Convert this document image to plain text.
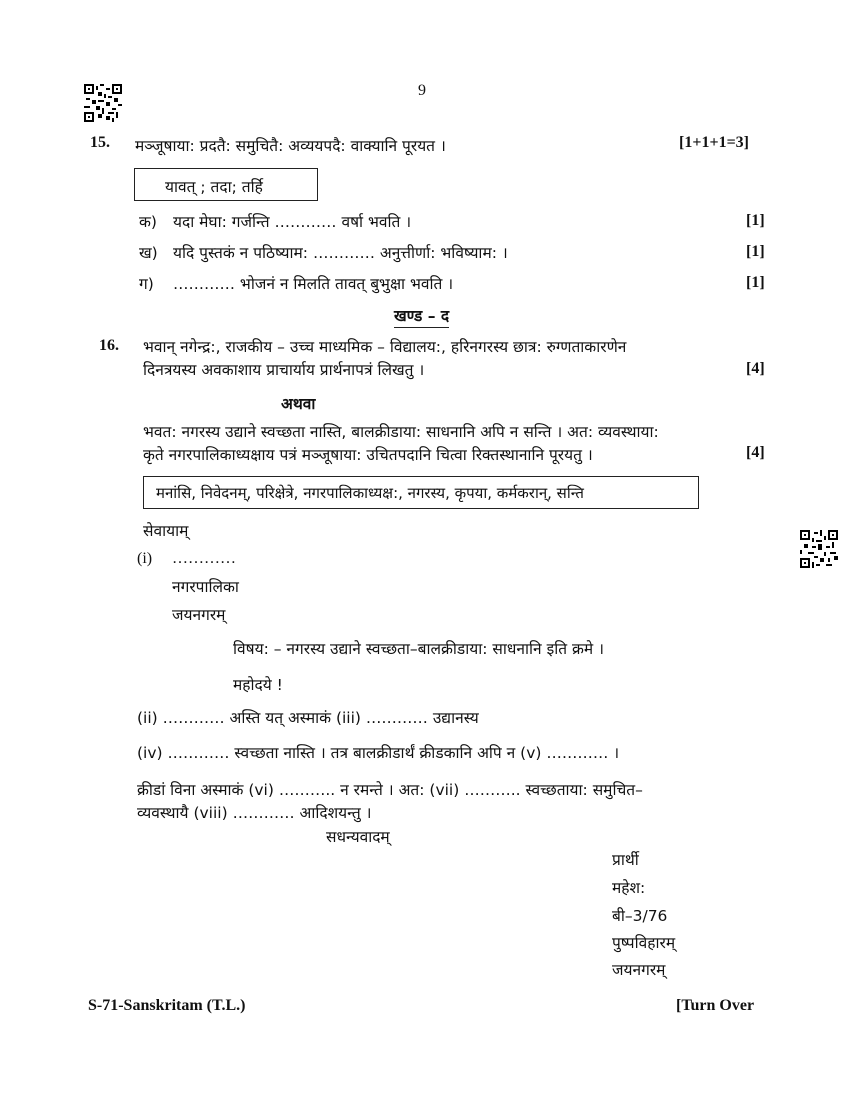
9
15. मञ्जूषाया: प्रदतै: समुचितै: अव्ययपदै: वाक्यानि पूरयत ।	[1+1+1=3]
यावत् ; तदा; तर्हि
क) यदा मेघा: गर्जन्ति ………… वर्षा भवति ।	[1]
ख) यदि पुस्तकं न पठिष्याम: ………… अनुत्तीर्णा: भविष्याम: ।	[1]
ग) ………… भोजनं न मिलति तावत् बुभुक्षा भवति ।	[1]
खण्ड – द
16. भवान् नगेन्द्र:, राजकीय – उच्च माध्यमिक – विद्यालय:, हरिनगरस्य छात्र: रुग्णताकारणेन
दिनत्रयस्य अवकाशाय प्राचार्याय प्रार्थनापत्रं लिखतु ।	[4]
अथवा
भवत: नगरस्य उद्याने स्वच्छता नास्ति, बालक्रीडाया: साधनानि अपि न सन्ति । अत: व्यवस्थाया:
कृते नगरपालिकाध्यक्षाय पत्रं मञ्जूषाया: उचितपदानि चित्वा रिक्तस्थानानि पूरयतु ।	[4]
मनांसि, निवेदनम्, परिक्षेत्रे, नगरपालिकाध्यक्ष:, नगरस्य, कृपया, कर्मकरान्, सन्ति
सेवायाम्
(i) …………
नगरपालिका
जयनगरम्
विषय: – नगरस्य उद्याने स्वच्छता–बालक्रीडाया: साधनानि इति क्रमे ।
महोदये !
(ii) ………… अस्ति यत् अस्माकं (iii) ………… उद्यानस्य
(iv) ………… स्वच्छता नास्ति । तत्र बालक्रीडार्थं क्रीडकानि अपि न (v) ………… ।
क्रीडां विना अस्माकं (vi) ……….. न रमन्ते । अत: (vii) ……….. स्वच्छताया: समुचित–
व्यवस्थायै (viii) ………… आदिशयन्तु ।
सधन्यवादम्
प्रार्थी
महेश:
बी–3/76
पुष्पविहारम्
जयनगरम्
S-71-Sanskritam (T.L.)	[Turn Over
